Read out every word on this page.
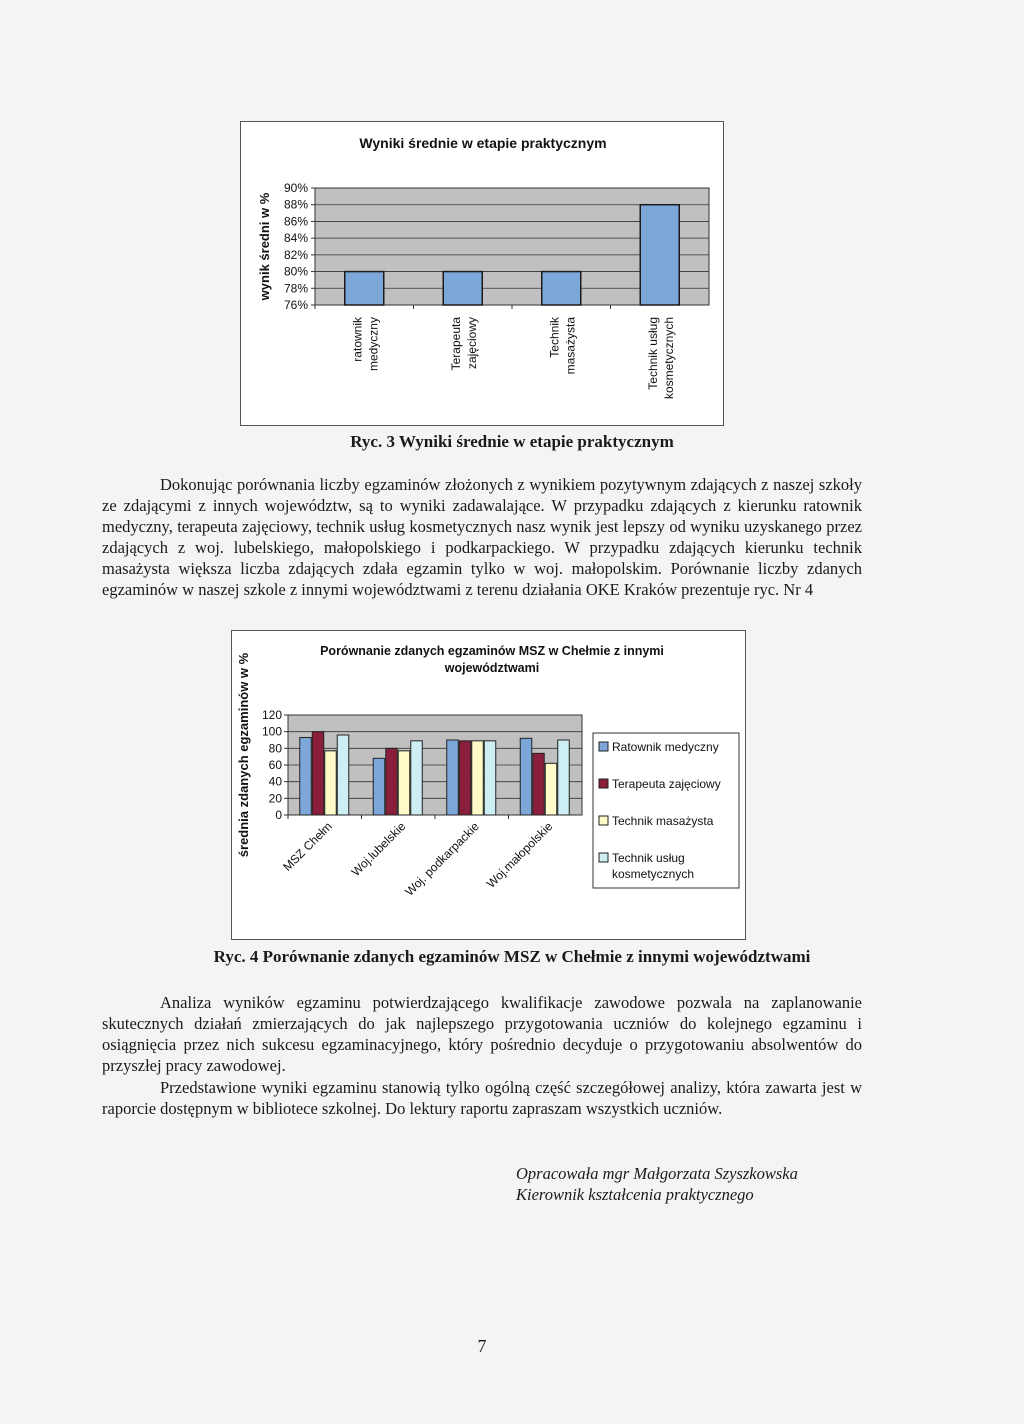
Wyniki średnie w etapie praktycznym
76%
78%
80%
82%
84%
86%
88%
90%
wynik średni w %
ratownik medyczny	Terapeuta zajęciowy	Technik masażysta	Technik usług kosmetycznych
Ryc. 3 Wyniki średnie w etapie praktycznym
Dokonując porównania liczby egzaminów złożonych z wynikiem pozytywnym zdających z naszej szkoły ze zdającymi z innych województw, są to wyniki zadawalające. W przypadku zdających z kierunku ratownik medyczny, terapeuta zajęciowy, technik usług kosmetycznych nasz wynik jest lepszy od wyniku uzyskanego przez zdających z woj. lubelskiego, małopolskiego i podkarpackiego. W przypadku zdających kierunku technik masażysta większa liczba zdających zdała egzamin tylko w woj. małopolskim. Porównanie liczby zdanych egzaminów w naszej szkole z innymi województwami z terenu działania OKE Kraków prezentuje ryc. Nr 4
Porównanie zdanych egzaminów MSZ w Chełmie z innymi
województwami
0
20
40
60
80
100
120
średnia zdanych egzaminów w % MSZ Chełm Woj.lubelskie
Woj. podkarpackie Woj.małopolskie
Ratownik medyczny
Terapeuta zajęciowy
Technik masażysta
Technik usług
kosmetycznych
Ryc. 4 Porównanie zdanych egzaminów MSZ w Chełmie z innymi województwami
Analiza wyników egzaminu potwierdzającego kwalifikacje zawodowe pozwala na zaplanowanie skutecznych działań zmierzających do jak najlepszego przygotowania uczniów do kolejnego egzaminu i osiągnięcia przez nich sukcesu egzaminacyjnego, który pośrednio decyduje o przygotowaniu absolwentów do przyszłej pracy zawodowej.
Przedstawione wyniki egzaminu stanowią tylko ogólną część szczegółowej analizy, która zawarta jest w raporcie dostępnym w bibliotece szkolnej. Do lektury raportu zapraszam wszystkich uczniów.
Opracowała mgr Małgorzata Szyszkowska
Kierownik kształcenia praktycznego
7
